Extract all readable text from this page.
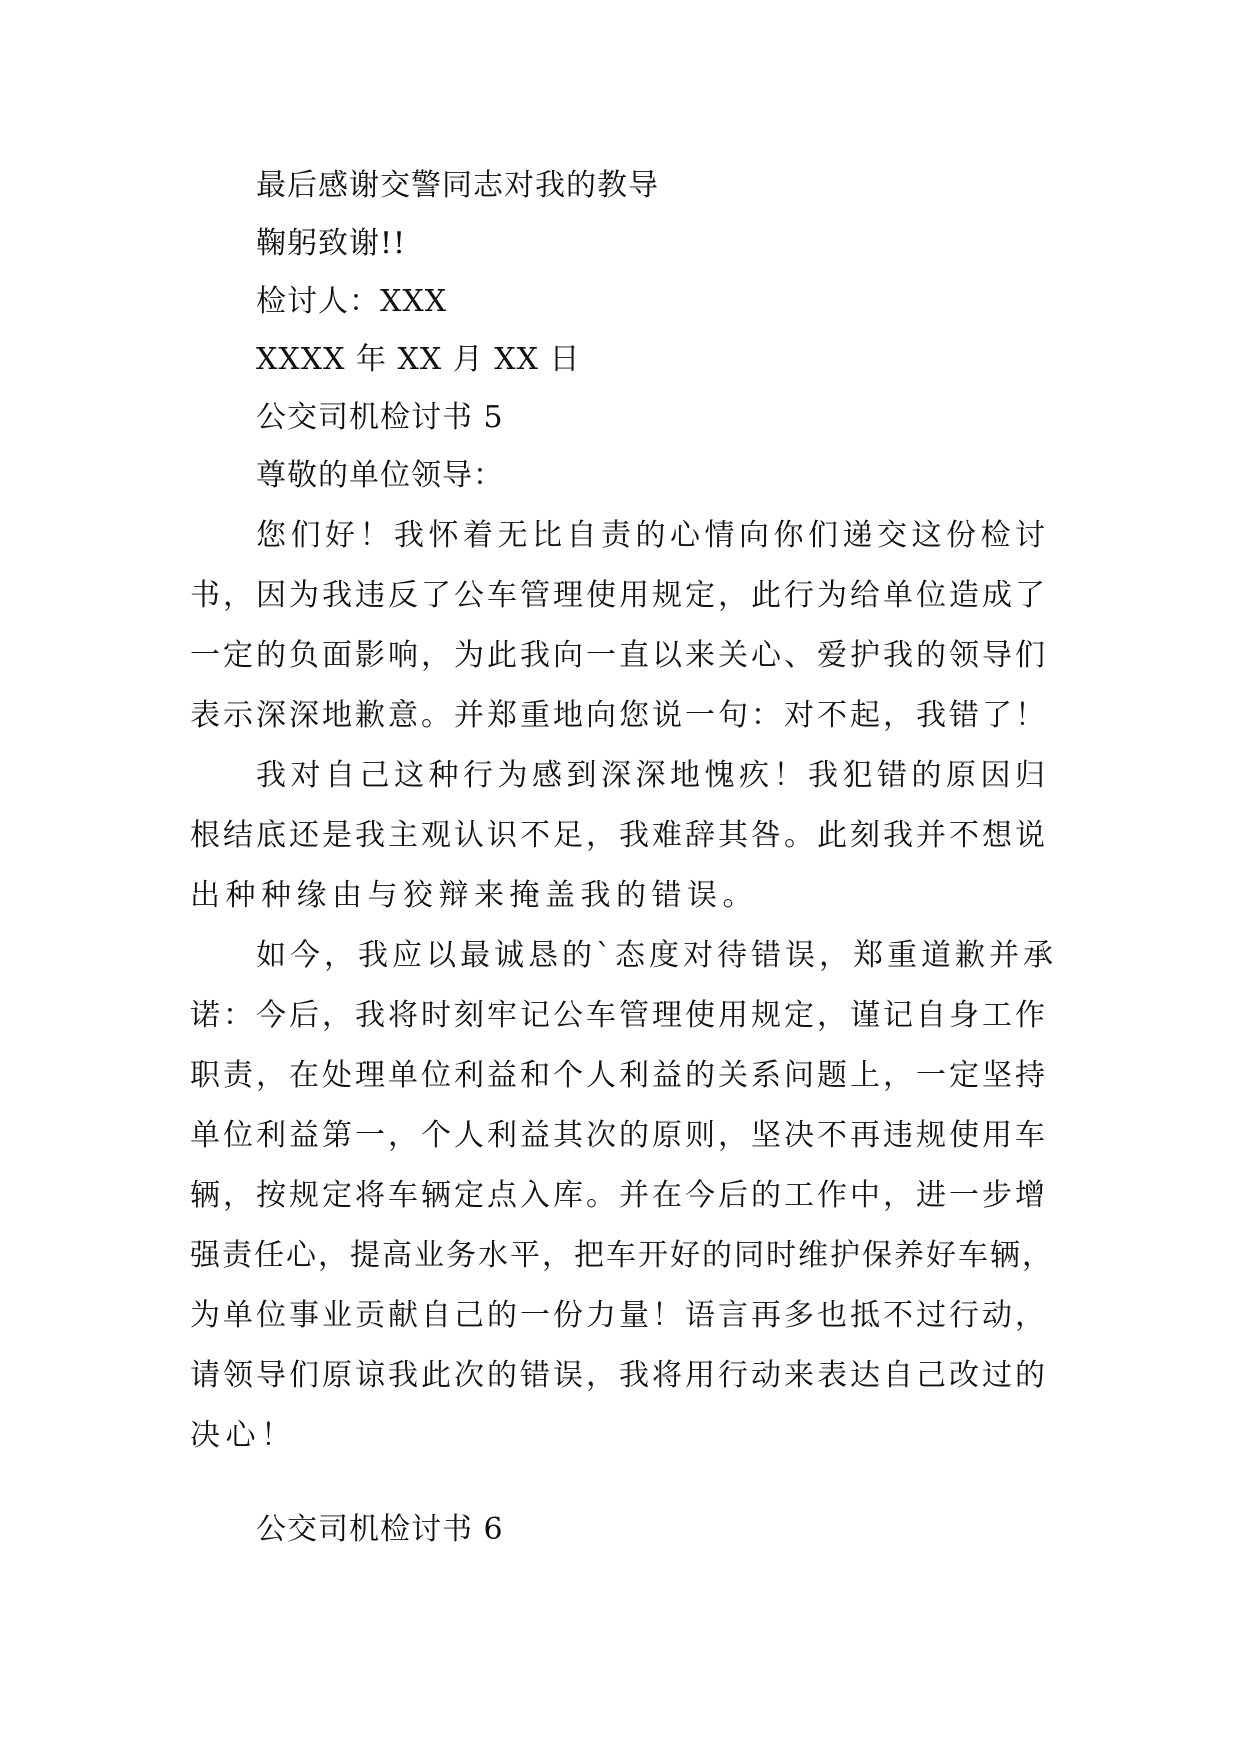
最后感谢交警同志对我的教导
鞠躬致谢!!
检讨人：XXX
XXXX 年 XX 月 XX 日
公交司机检讨书 5
尊敬的单位领导：
您们好！我怀着无比自责的心情向你们递交这份检讨
书，因为我违反了公车管理使用规定，此行为给单位造成了
一定的负面影响，为此我向一直以来关心、爱护我的领导们
表示深深地歉意。并郑重地向您说一句：对不起，我错了！
我对自己这种行为感到深深地愧疚！我犯错的原因归
根结底还是我主观认识不足，我难辞其咎。此刻我并不想说
出种种缘由与狡辩来掩盖我的错误。
如今，我应以最诚恳的`态度对待错误，郑重道歉并承
诺：今后，我将时刻牢记公车管理使用规定，谨记自身工作
职责，在处理单位利益和个人利益的关系问题上，一定坚持
单位利益第一，个人利益其次的原则，坚决不再违规使用车
辆，按规定将车辆定点入库。并在今后的工作中，进一步增
强责任心，提高业务水平，把车开好的同时维护保养好车辆，
为单位事业贡献自己的一份力量！语言再多也抵不过行动，
请领导们原谅我此次的错误，我将用行动来表达自己改过的
决心！
公交司机检讨书 6
